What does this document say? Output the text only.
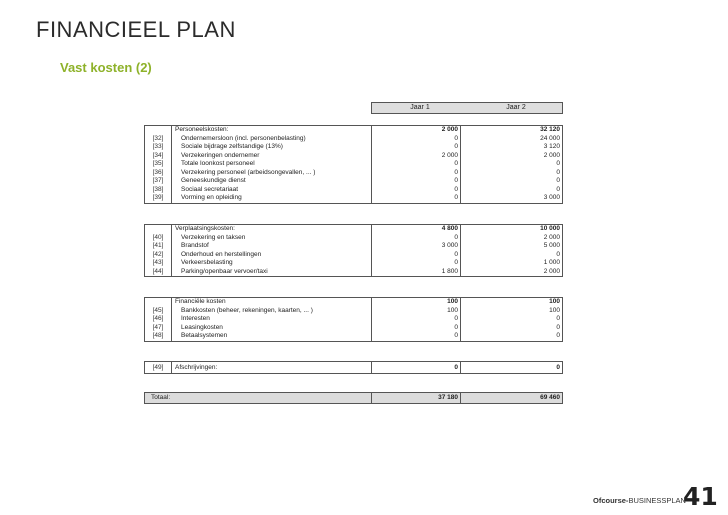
FINANCIEEL PLAN
Vast kosten (2)
Jaar 1	Jaar 2
Personeelskosten:	2 000	32 120
[32]	Ondernemersloon (incl. personenbelasting)	0	24 000
[33]	Sociale bijdrage zelfstandige (13%)	0	3 120
[34]	Verzekeringen ondernemer	2 000	2 000
[35]	Totale loonkost personeel	0	0
[36]	Verzekering personeel (arbeidsongevallen, ... )	0	0
[37]	Geneeskundige dienst	0	0
[38]	Sociaal secretariaat	0	0
[39]	Vorming en opleiding	0	3 000
Verplaatsingskosten:	4 800	10 000
[40]	Verzekering en taksen	0	2 000
[41]	Brandstof	3 000	5 000
[42]	Onderhoud en herstellingen	0	0
[43]	Verkeersbelasting	0	1 000
[44]	Parking/openbaar vervoer/taxi	1 800	2 000
Financiële kosten	100	100
[45]	Bankkosten (beheer, rekeningen, kaarten, ... )	100	100
[46]	Interesten	0	0
[47]	Leasingkosten	0	0
[48]	Betaalsystemen	0	0
[49]	Afschrijvingen:	0	0
Totaal:	37 180	69 460
Ofcourse-BUSINESSPLAN
41
